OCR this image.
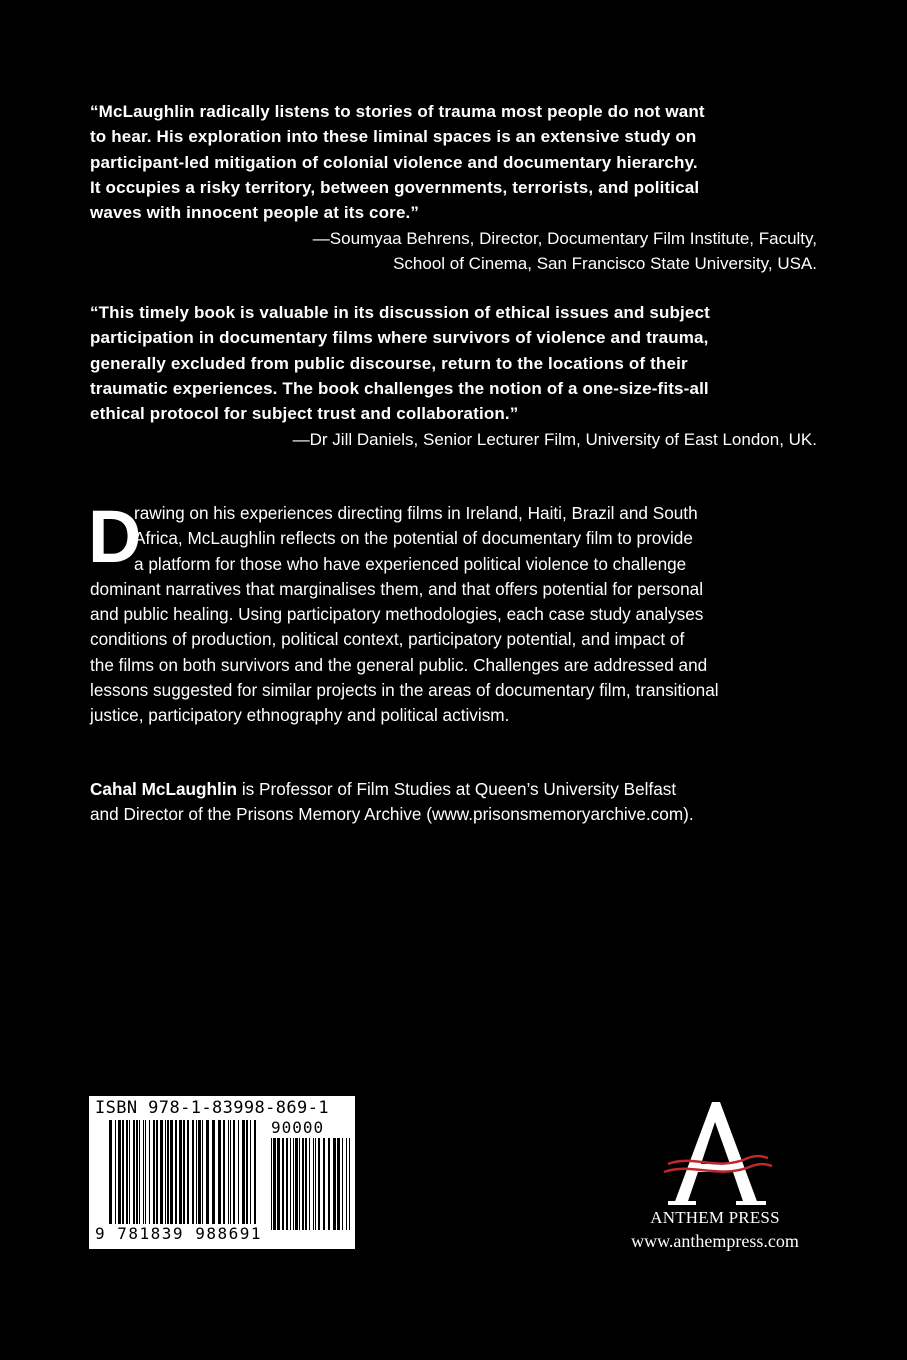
“McLaughlin radically listens to stories of trauma most people do not want
to hear. His exploration into these liminal spaces is an extensive study on
participant-led mitigation of colonial violence and documentary hierarchy.
It occupies a risky territory, between governments, terrorists, and political
waves with innocent people at its core.”
—Soumyaa Behrens, Director, Documentary Film Institute, Faculty,
School of Cinema, San Francisco State University, USA.
“This timely book is valuable in its discussion of ethical issues and subject
participation in documentary films where survivors of violence and trauma,
generally excluded from public discourse, return to the locations of their
traumatic experiences. The book challenges the notion of a one-size-fits-all
ethical protocol for subject trust and collaboration.”
—Dr Jill Daniels, Senior Lecturer Film, University of East London, UK.
D
rawing on his experiences directing films in Ireland, Haiti, Brazil and South
Africa, McLaughlin reflects on the potential of documentary film to provide
a platform for those who have experienced political violence to challenge
dominant narratives that marginalises them, and that offers potential for personal
and public healing. Using participatory methodologies, each case study analyses
conditions of production, political context, participatory potential, and impact of
the films on both survivors and the general public. Challenges are addressed and
lessons suggested for similar projects in the areas of documentary film, transitional
justice, participatory ethnography and political activism.
Cahal McLaughlin is Professor of Film Studies at Queen’s University Belfast
and Director of the Prisons Memory Archive (www.prisonsmemoryarchive.com).
ISBN 978-1-83998-869-1
90000
9 781839 988691
ANTHEM PRESS
www.anthempress.com
